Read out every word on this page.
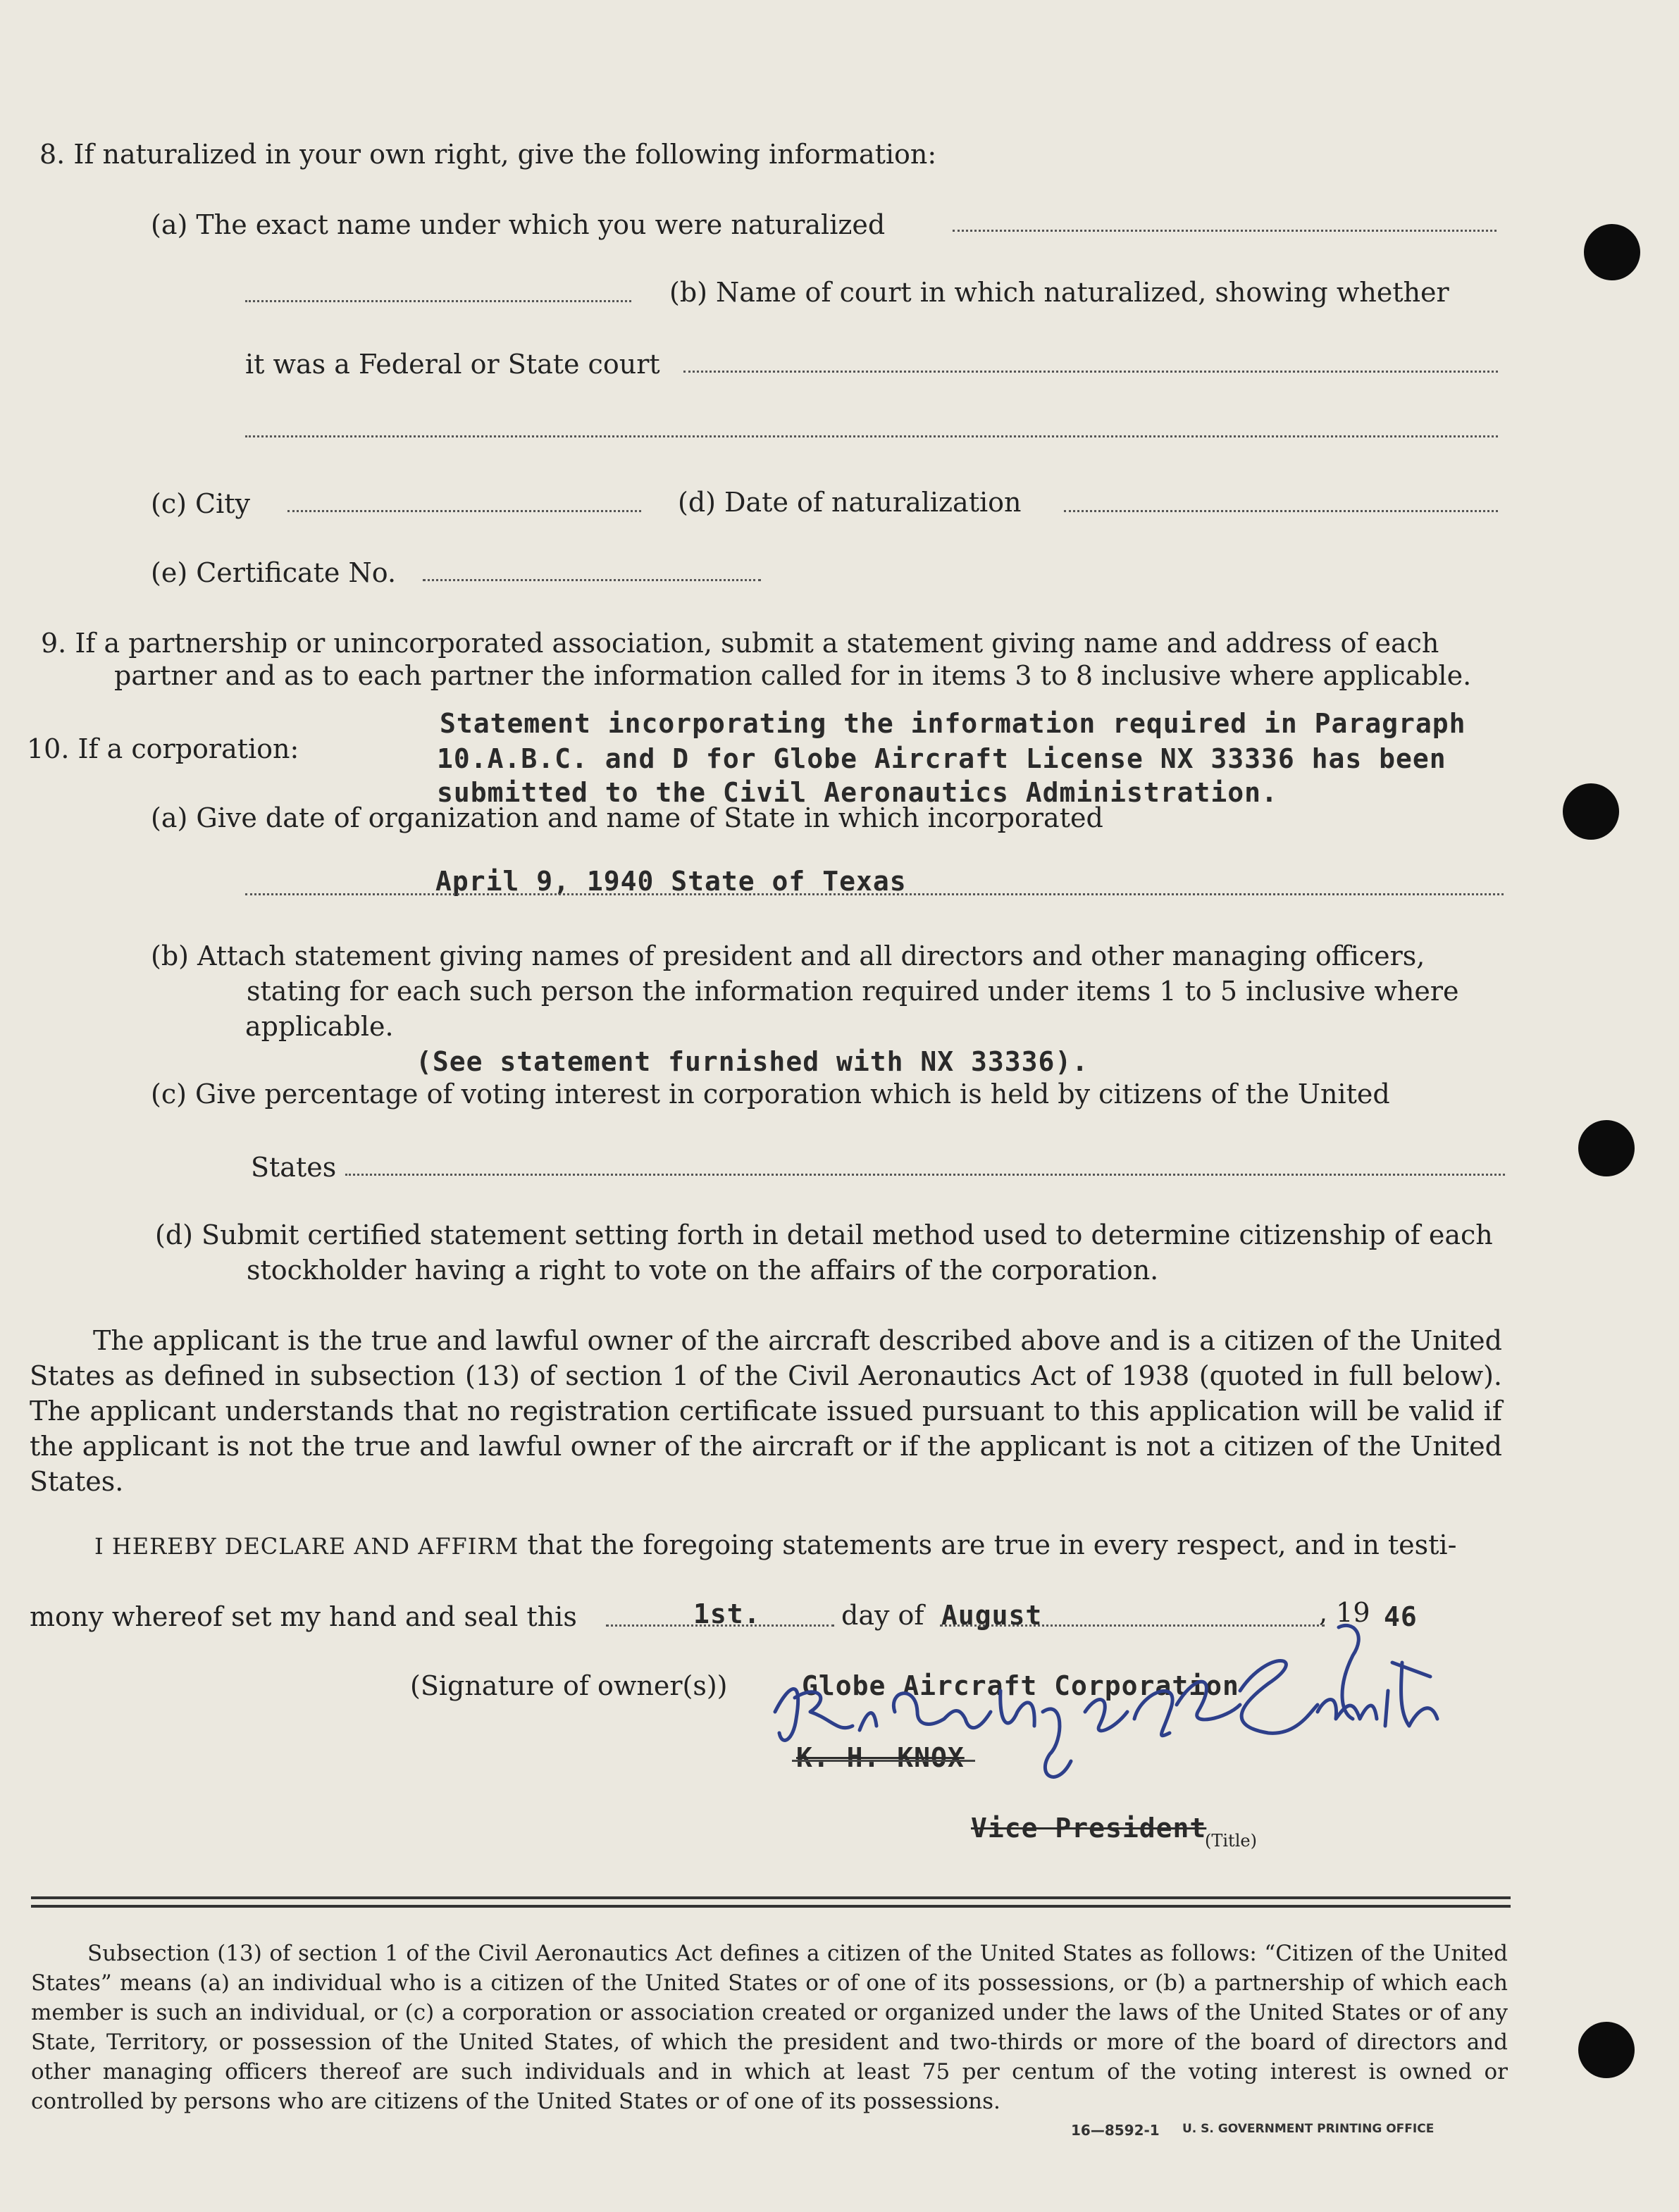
8. If naturalized in your own right, give the following information:
(a) The exact name under which you were naturalized
(b) Name of court in which naturalized, showing whether
it was a Federal or State court
(c) City	(d) Date of naturalization
(e) Certificate No.
9. If a partnership or unincorporated association, submit a statement giving name and address of each
partner and as to each partner the information called for in items 3 to 8 inclusive where applicable.
10. If a corporation:
Statement incorporating the information required in Paragraph
10.A.B.C. and D for Globe Aircraft License NX 33336 has been
submitted to the Civil Aeronautics Administration.
(a) Give date of organization and name of State in which incorporated
April 9, 1940 State of Texas
(b) Attach statement giving names of president and all directors and other managing officers,
stating for each such person the information required under items 1 to 5 inclusive where
applicable.
(See statement furnished with NX 33336).
(c) Give percentage of voting interest in corporation which is held by citizens of the United
States
(d) Submit certified statement setting forth in detail method used to determine citizenship of each
stockholder having a right to vote on the affairs of the corporation.
The applicant is the true and lawful owner of the aircraft described above and is a citizen of the United States as defined in subsection (13) of section 1 of the Civil Aeronautics Act of 1938 (quoted in full below). The applicant understands that no registration certificate issued pursuant to this application will be valid if the applicant is not the true and lawful owner of the aircraft or if the applicant is not a citizen of the United States.
I HEREBY DECLARE AND AFFIRM that the foregoing statements are true in every respect, and in testi-
mony whereof set my hand and seal this	1st.	day of August	, 19 46
(Signature of owner(s))	Globe Aircraft Corporation
K. H. KNOX
Vice President
(Title)
Subsection (13) of section 1 of the Civil Aeronautics Act defines a citizen of the United States as follows: “Citizen of the United States” means (a) an individual who is a citizen of the United States or of one of its possessions, or (b) a partnership of which each member is such an individual, or (c) a corporation or association created or organized under the laws of the United States or of any State, Territory, or possession of the United States, of which the president and two-thirds or more of the board of directors and other managing officers thereof are such individuals and in which at least 75 per centum of the voting interest is owned or controlled by persons who are citizens of the United States or of one of its possessions.
16—8592-1 U. S. GOVERNMENT PRINTING OFFICE
